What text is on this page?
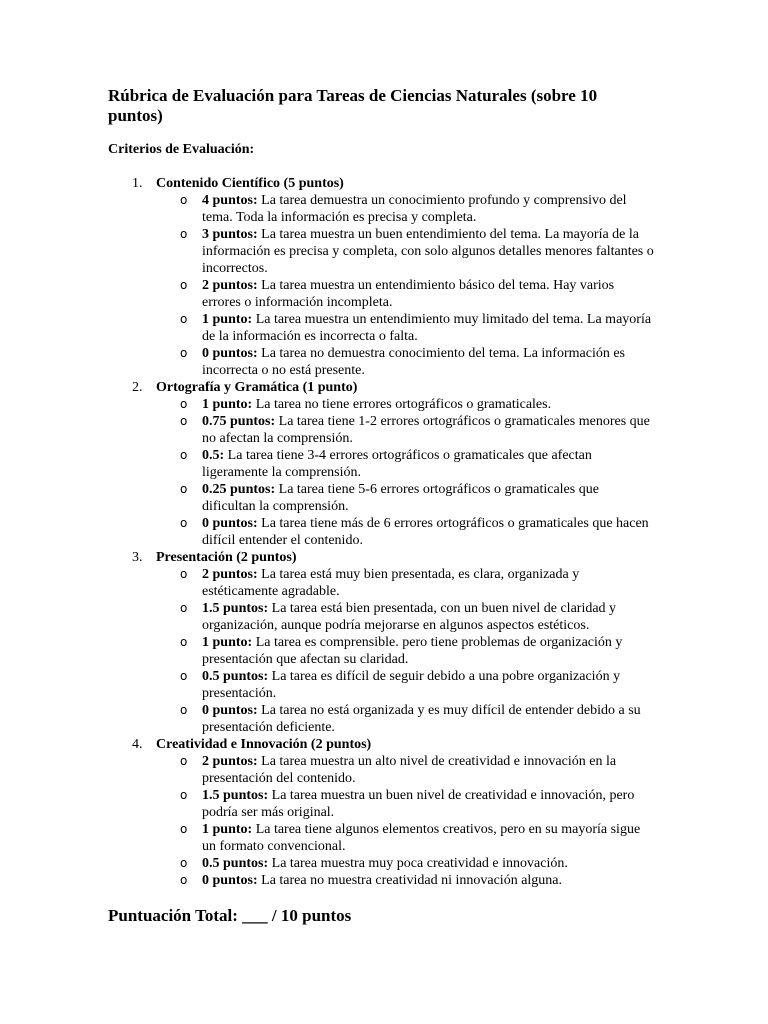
Rúbrica de Evaluación para Tareas de Ciencias Naturales (sobre 10 puntos)
Criterios de Evaluación:
1. Contenido Científico (5 puntos)
o 4 puntos: La tarea demuestra un conocimiento profundo y comprensivo del tema. Toda la información es precisa y completa.
o 3 puntos: La tarea muestra un buen entendimiento del tema. La mayoría de la información es precisa y completa, con solo algunos detalles menores faltantes o incorrectos.
o 2 puntos: La tarea muestra un entendimiento básico del tema. Hay varios errores o información incompleta.
o 1 punto: La tarea muestra un entendimiento muy limitado del tema. La mayoría de la información es incorrecta o falta.
o 0 puntos: La tarea no demuestra conocimiento del tema. La información es incorrecta o no está presente.
2. Ortografía y Gramática (1 punto)
o 1 punto: La tarea no tiene errores ortográficos o gramaticales.
o 0.75 puntos: La tarea tiene 1-2 errores ortográficos o gramaticales menores que no afectan la comprensión.
o 0.5: La tarea tiene 3-4 errores ortográficos o gramaticales que afectan ligeramente la comprensión.
o 0.25 puntos: La tarea tiene 5-6 errores ortográficos o gramaticales que dificultan la comprensión.
o 0 puntos: La tarea tiene más de 6 errores ortográficos o gramaticales que hacen difícil entender el contenido.
3. Presentación (2 puntos)
o 2 puntos: La tarea está muy bien presentada, es clara, organizada y estéticamente agradable.
o 1.5 puntos: La tarea está bien presentada, con un buen nivel de claridad y organización, aunque podría mejorarse en algunos aspectos estéticos.
o 1 punto: La tarea es comprensible. pero tiene problemas de organización y presentación que afectan su claridad.
o 0.5 puntos: La tarea es difícil de seguir debido a una pobre organización y presentación.
o 0 puntos: La tarea no está organizada y es muy difícil de entender debido a su presentación deficiente.
4. Creatividad e Innovación (2 puntos)
o 2 puntos: La tarea muestra un alto nivel de creatividad e innovación en la presentación del contenido.
o 1.5 puntos: La tarea muestra un buen nivel de creatividad e innovación, pero podría ser más original.
o 1 punto: La tarea tiene algunos elementos creativos, pero en su mayoría sigue un formato convencional.
o 0.5 puntos: La tarea muestra muy poca creatividad e innovación.
o 0 puntos: La tarea no muestra creatividad ni innovación alguna.
Puntuación Total: ___ / 10 puntos
